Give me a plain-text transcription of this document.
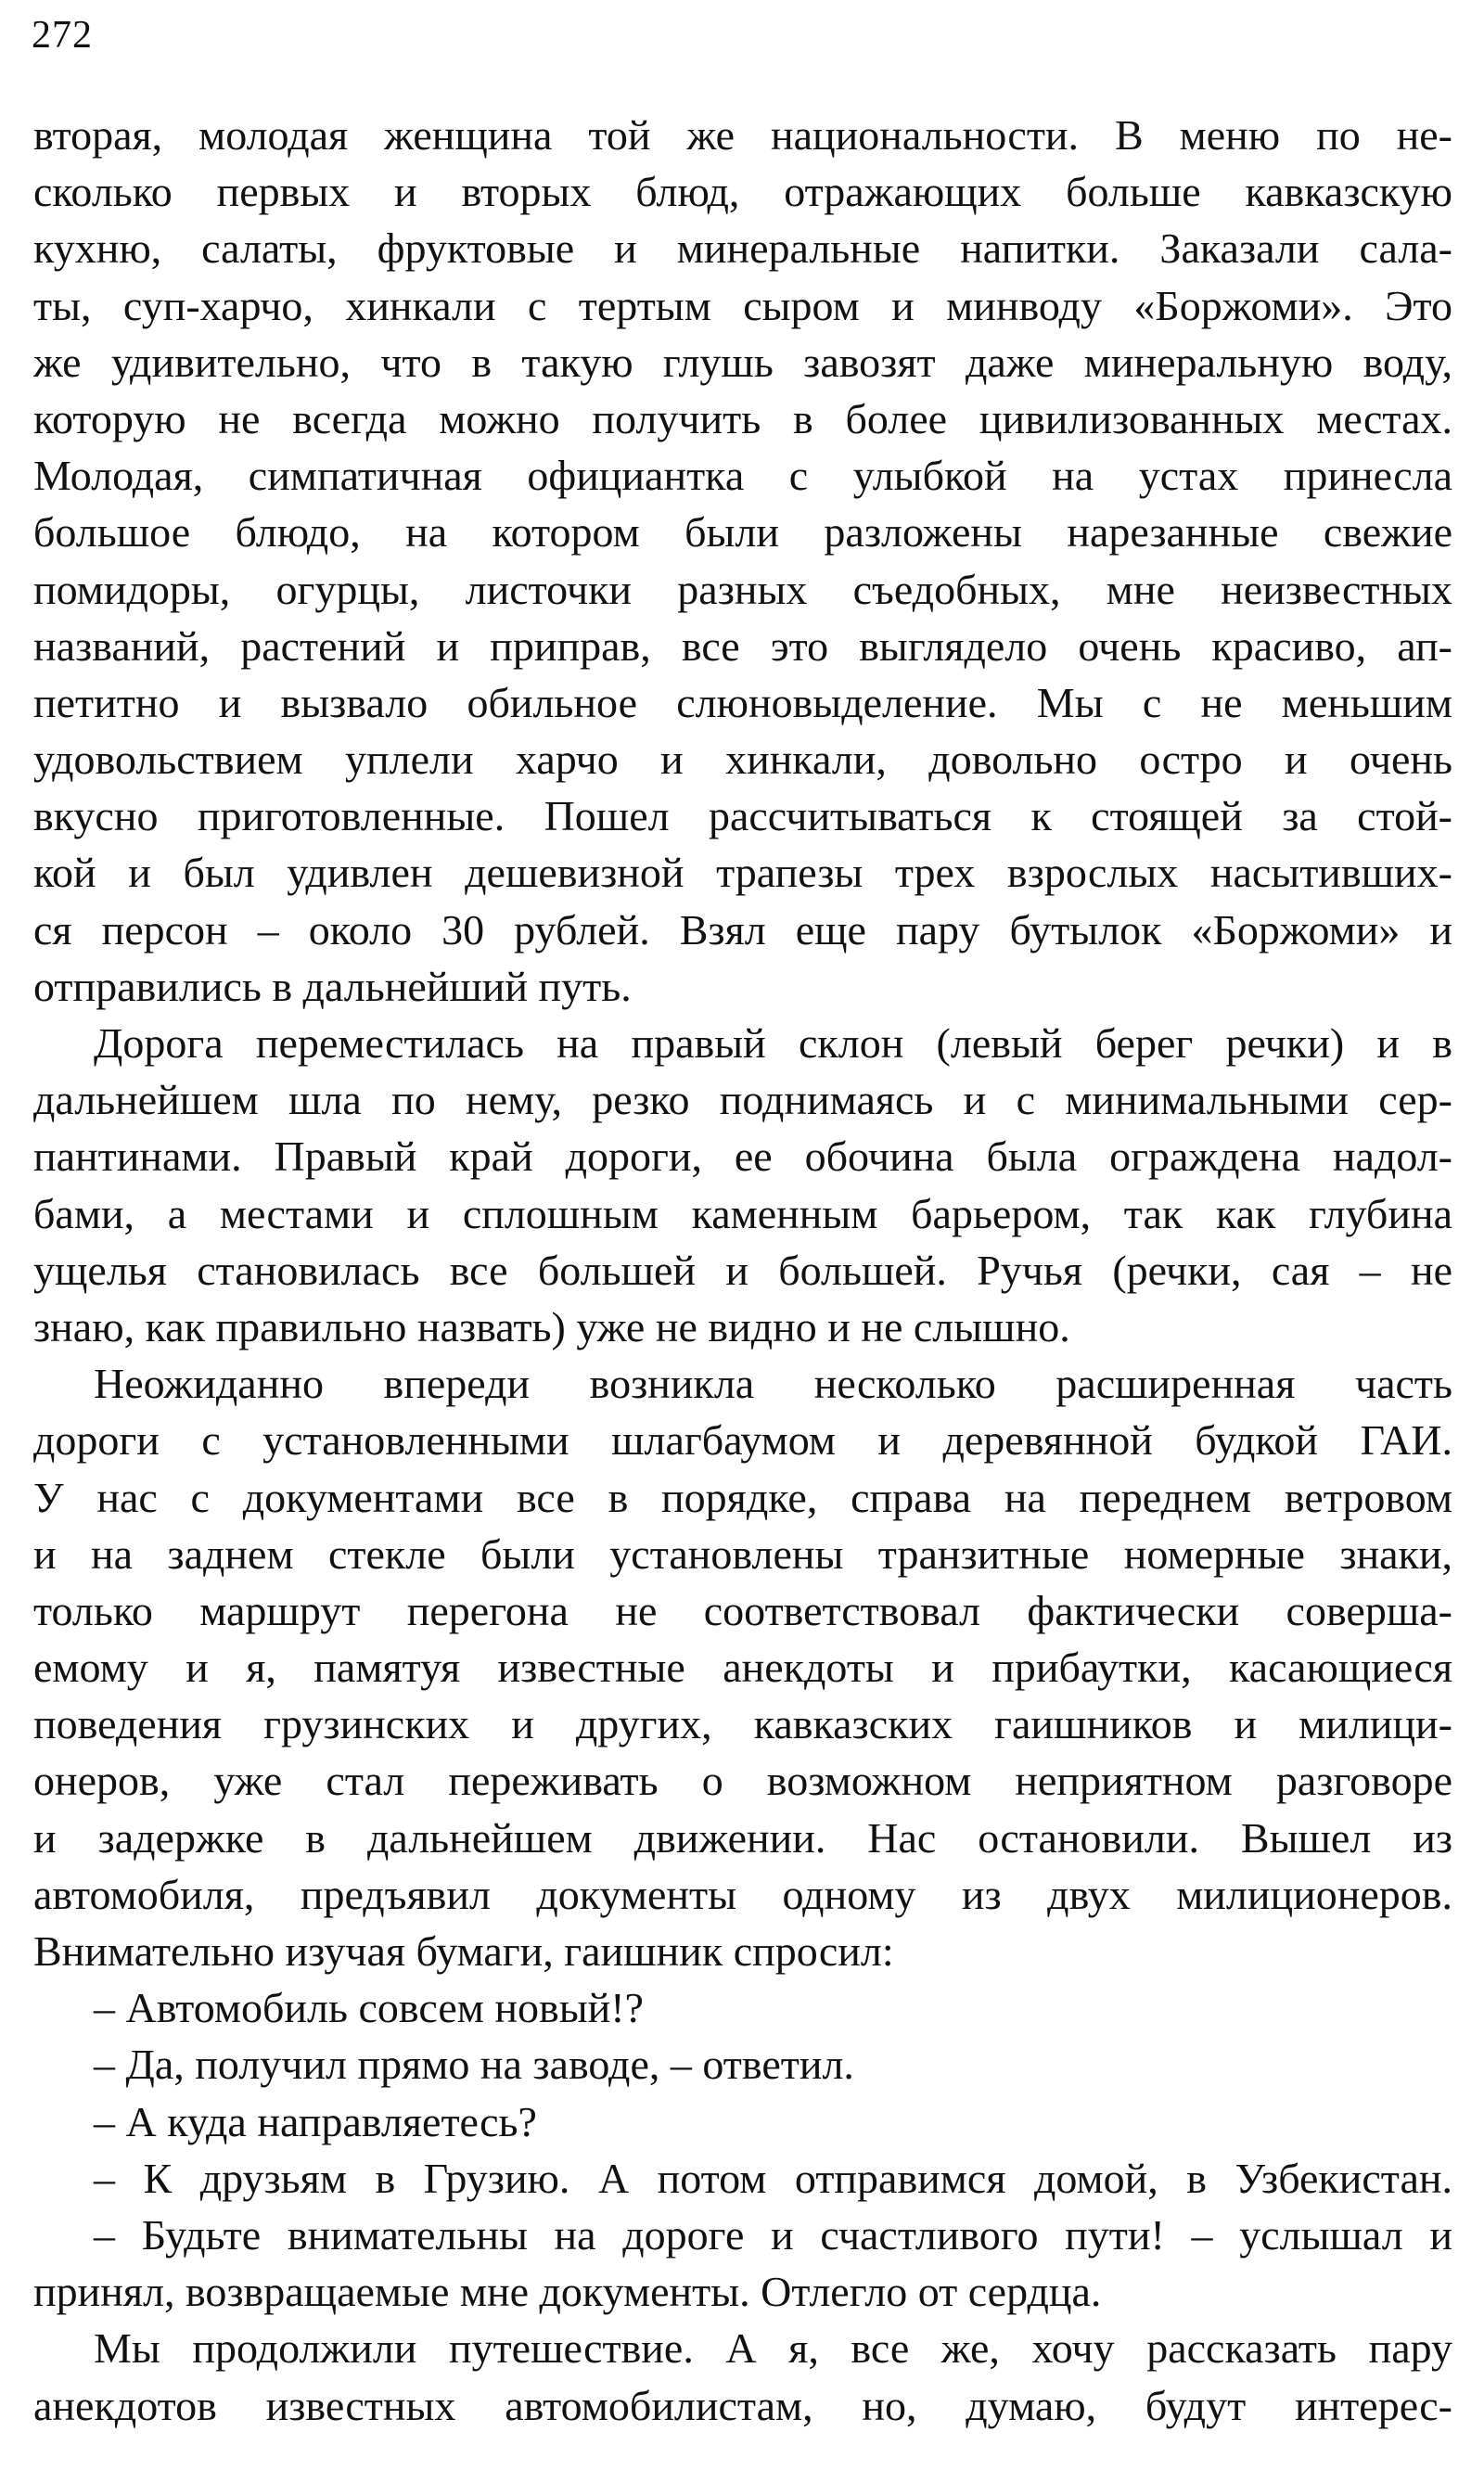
272
вторая, молодая женщина той же национальности. В меню по не-
сколько первых и вторых блюд, отражающих больше кавказскую
кухню, салаты, фруктовые и минеральные напитки. Заказали сала-
ты, суп-харчо, хинкали с тертым сыром и минводу «Боржоми». Это
же удивительно, что в такую глушь завозят даже минеральную воду,
которую не всегда можно получить в более цивилизованных местах.
Молодая, симпатичная официантка с улыбкой на устах принесла
большое блюдо, на котором были разложены нарезанные свежие
помидоры, огурцы, листочки разных съедобных, мне неизвестных
названий, растений и приправ, все это выглядело очень красиво, ап-
петитно и вызвало обильное слюновыделение. Мы с не меньшим
удовольствием уплели харчо и хинкали, довольно остро и очень
вкусно приготовленные. Пошел рассчитываться к стоящей за стой-
кой и был удивлен дешевизной трапезы трех взрослых насытивших-
ся персон – около 30 рублей. Взял еще пару бутылок «Боржоми» и
отправились в дальнейший путь.
Дорога переместилась на правый склон (левый берег речки) и в
дальнейшем шла по нему, резко поднимаясь и с минимальными сер-
пантинами. Правый край дороги, ее обочина была ограждена надол-
бами, а местами и сплошным каменным барьером, так как глубина
ущелья становилась все большей и большей. Ручья (речки, сая – не
знаю, как правильно назвать) уже не видно и не слышно.
Неожиданно впереди возникла несколько расширенная часть
дороги с установленными шлагбаумом и деревянной будкой ГАИ.
У нас с документами все в порядке, справа на переднем ветровом
и на заднем стекле были установлены транзитные номерные знаки,
только маршрут перегона не соответствовал фактически соверша-
емому и я, памятуя известные анекдоты и прибаутки, касающиеся
поведения грузинских и других, кавказских гаишников и милици-
онеров, уже стал переживать о возможном неприятном разговоре
и задержке в дальнейшем движении. Нас остановили. Вышел из
автомобиля, предъявил документы одному из двух милиционеров.
Внимательно изучая бумаги, гаишник спросил:
– Автомобиль совсем новый!?
– Да, получил прямо на заводе, – ответил.
– А куда направляетесь?
– К друзьям в Грузию. А потом отправимся домой, в Узбекистан.
– Будьте внимательны на дороге и счастливого пути! – услышал и
принял, возвращаемые мне документы. Отлегло от сердца.
Мы продолжили путешествие. А я, все же, хочу рассказать пару
анекдотов известных автомобилистам, но, думаю, будут интерес-
